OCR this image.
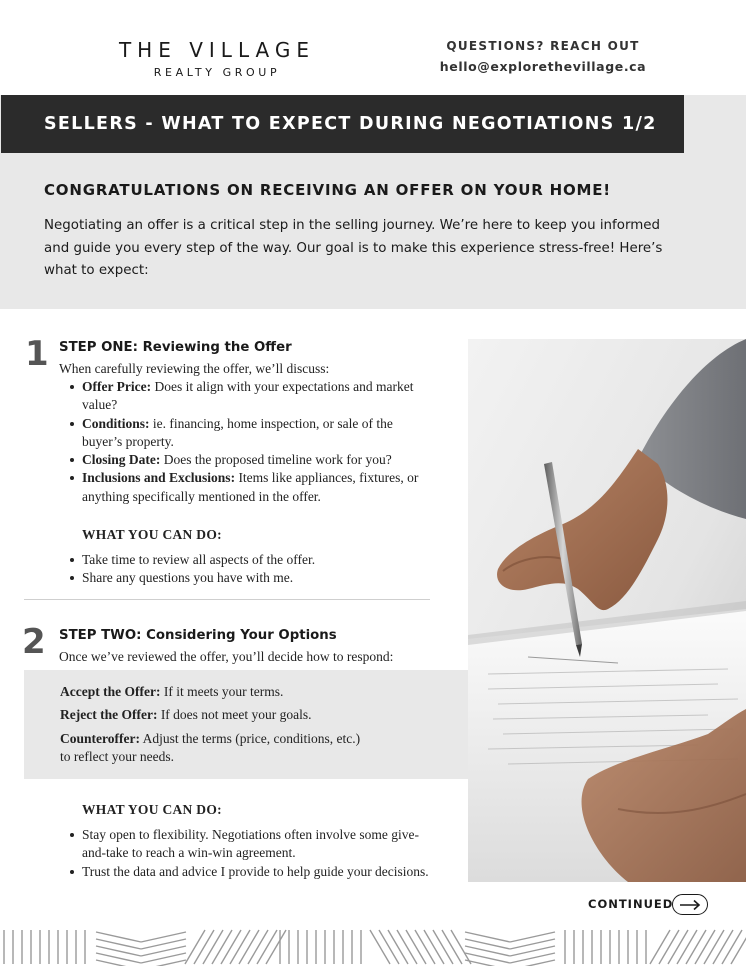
THE VILLAGE
REALTY GROUP
QUESTIONS? REACH OUT
hello@explorethevillage.ca
SELLERS - WHAT TO EXPECT DURING NEGOTIATIONS 1/2
CONGRATULATIONS ON RECEIVING AN OFFER ON YOUR HOME!
Negotiating an offer is a critical step in the selling journey. We’re here to keep you informed and guide you every step of the way. Our goal is to make this experience stress-free! Here’s what to expect:
1 STEP ONE: Reviewing the Offer
When carefully reviewing the offer, we’ll discuss:
Offer Price: Does it align with your expectations and market value?
Conditions: ie. financing, home inspection, or sale of the buyer’s property.
Closing Date: Does the proposed timeline work for you?
Inclusions and Exclusions: Items like appliances, fixtures, or anything specifically mentioned in the offer.
WHAT YOU CAN DO:
Take time to review all aspects of the offer.
Share any questions you have with me.
2 STEP TWO: Considering Your Options
Once we’ve reviewed the offer, you’ll decide how to respond:
Accept the Offer: If it meets your terms.
Reject the Offer: If does not meet your goals.
Counteroffer: Adjust the terms (price, conditions, etc.)
to reflect your needs.
WHAT YOU CAN DO:
Stay open to flexibility. Negotiations often involve some give-and-take to reach a win-win agreement.
Trust the data and advice I provide to help guide your decisions.
CONTINUED
